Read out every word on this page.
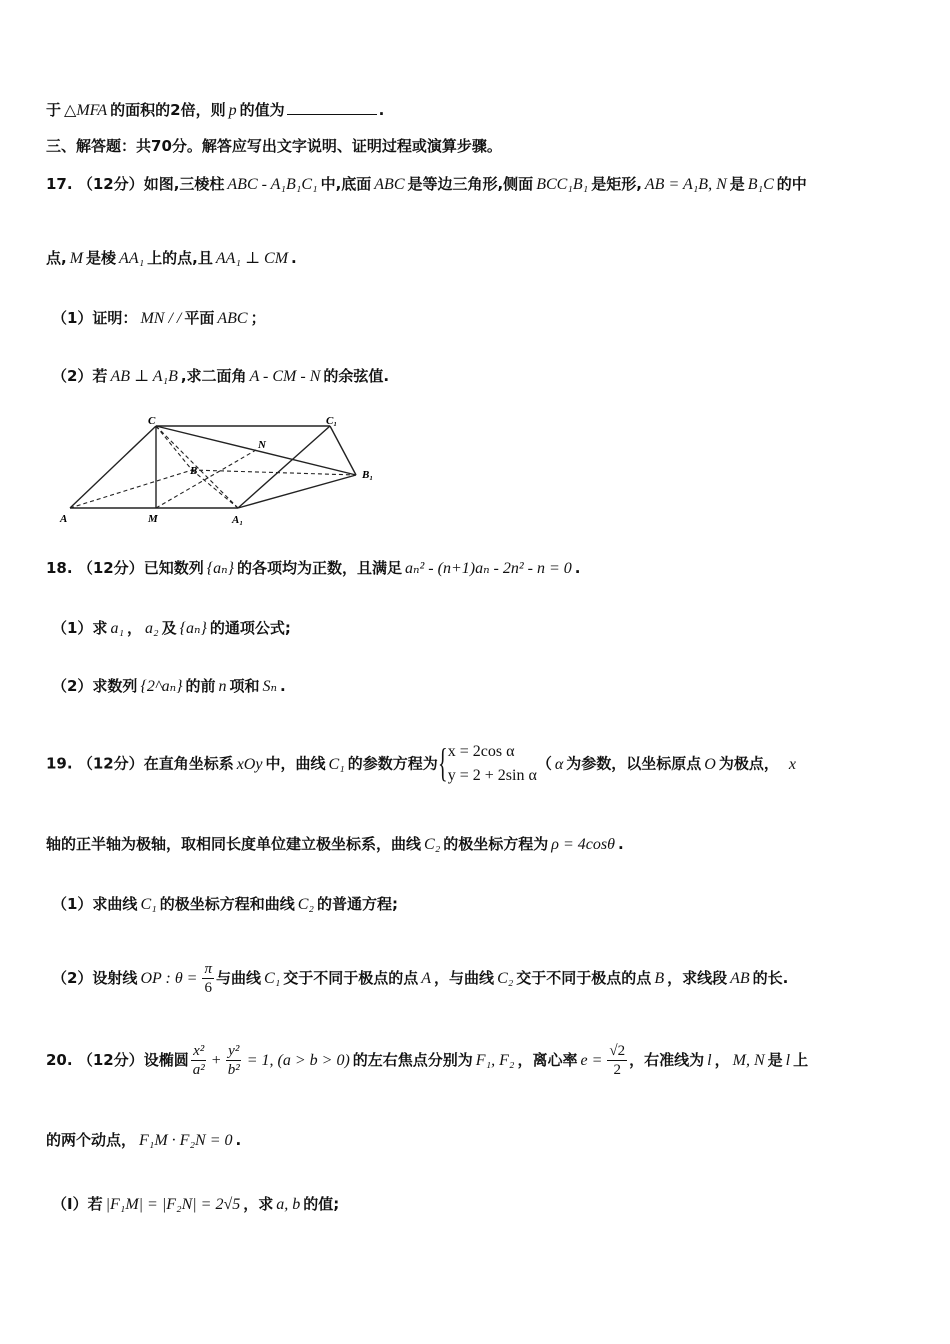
于 △MFA 的面积的2倍，则 p 的值为	.
三、解答题：共70分。解答应写出文字说明、证明过程或演算步骤。
17. （12分）如图,三棱柱 ABC - A₁B₁C₁ 中,底面 ABC 是等边三角形,侧面 BCC₁B₁ 是矩形, AB = A₁B, N 是 B₁C 的中
点, M 是棱 AA₁ 上的点,且 AA₁ ⊥ CM .
（1）证明： MN / / 平面 ABC ；
（2）若 AB ⊥ A₁B ,求二面角 A - CM - N 的余弦值.
A	M	A₁
B
C	C₁
N
B₁
18. （12分）已知数列 {aₙ} 的各项均为正数，且满足 aₙ² - (n+1)aₙ - 2n² - n = 0 .
（1）求 a₁ ， a₂ 及 {aₙ} 的通项公式;
（2）求数列 {2^aₙ} 的前 n 项和 Sₙ .
19. （12分）在直角坐标系 xOy 中，曲线 C₁ 的参数方程为 { x = 2cos α
y = 2 + 2sin α
（ α 为参数，以坐标原点 O 为极点， x
轴的正半轴为极轴，取相同长度单位建立极坐标系，曲线 C₂ 的极坐标方程为 ρ = 4cosθ .
（1）求曲线 C₁ 的极坐标方程和曲线 C₂ 的普通方程;
（2）设射线 OP : $\theta = \frac{\pi}{6}$ 与曲线 C₁ 交于不同于极点的点 A ，与曲线 C₂ 交于不同于极点的点 B ，求线段 AB 的长.
20. （12分）设椭圆 $\frac{\text{x²}}{\text{a²}} + \frac{\text{y²}}{\text{b²}} = 1$, (a > b > 0) 的左右焦点分别为 F₁, F₂ ，离心率 $e = \frac{√2}{2}$ ，右准线为 l ， M, N 是 l 上
的两个动点， F₁M · F₂N = 0 .
（Ⅰ）若 |F₁M| = |F₂N| = 2√5 ，求 a, b 的值;
